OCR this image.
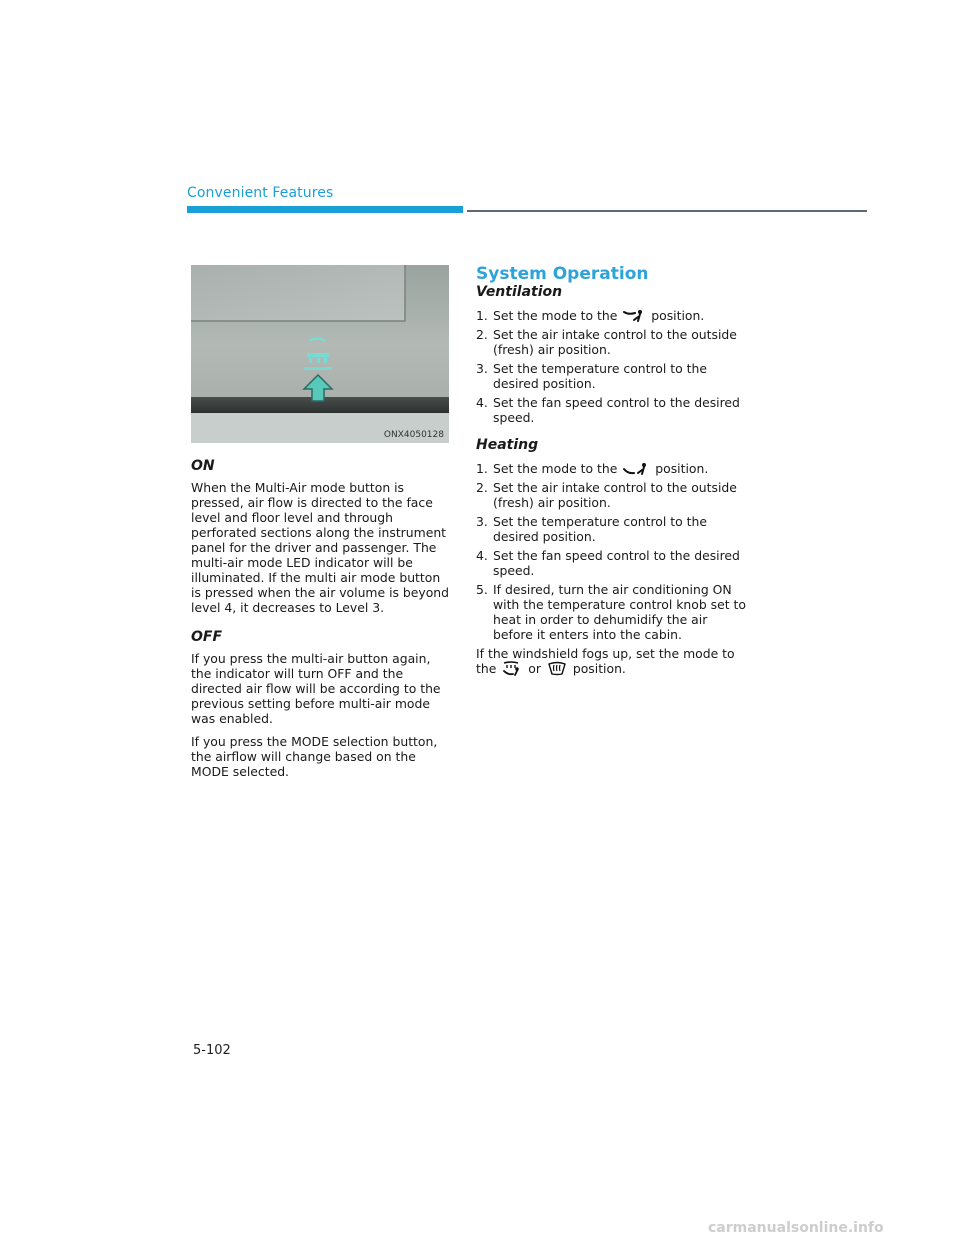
Convenient Features
ONX4050128
ON

When the Multi-Air mode button is pressed, air flow is directed to the face level and floor level and through perforated sections along the instrument panel for the driver and passenger. The multi-air mode LED indicator will be illuminated. If the multi air mode button is pressed when the air volume is beyond level 4, it decreases to Level 3.

OFF

If you press the multi-air button again, the indicator will turn OFF and the directed air flow will be according to the previous setting before multi-air mode was enabled.

If you press the MODE selection button, the airflow will change based on the MODE selected.

System Operation
Ventilation
1. Set the mode to the	position.
2. Set the air intake control to the outside (fresh) air position.
3. Set the temperature control to the desired position.
4. Set the fan speed control to the desired speed.
Heating
1. Set the mode to the	position.
2. Set the air intake control to the outside (fresh) air position.
3. Set the temperature control to the desired position.
4. Set the fan speed control to the desired speed.
5. If desired, turn the air conditioning ON with the temperature control knob set to heat in order to dehumidify the air before it enters into the cabin.

If the windshield fogs up, set the mode to the	or	position.

5-102
carmanualsonline.info
